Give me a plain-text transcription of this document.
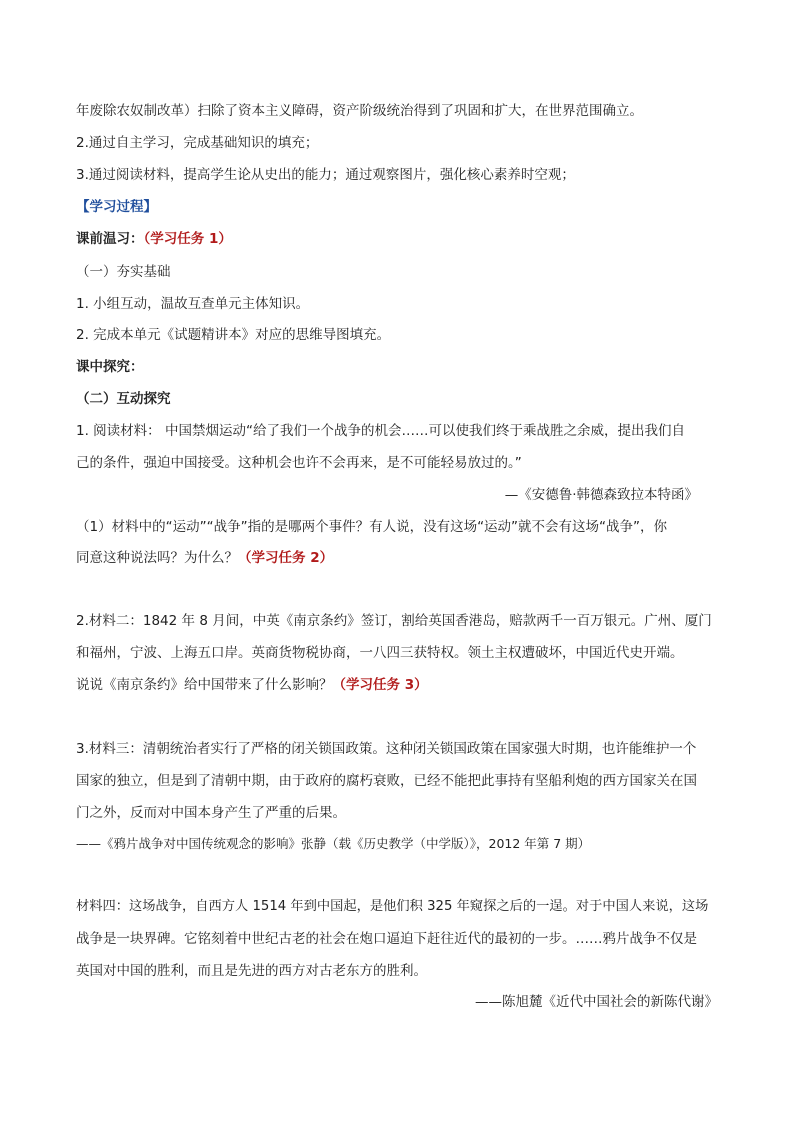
年废除农奴制改革）扫除了资本主义障碍，资产阶级统治得到了巩固和扩大，在世界范围确立。
2.通过自主学习，完成基础知识的填充；
3.通过阅读材料，提高学生论从史出的能力；通过观察图片，强化核心素养时空观；
【学习过程】
课前温习：（学习任务 1）
（一）夯实基础
1. 小组互动，温故互查单元主体知识。
2. 完成本单元《试题精讲本》对应的思维导图填充。
课中探究：
（二）互动探究
1. 阅读材料： 中国禁烟运动“给了我们一个战争的机会……可以使我们终于乘战胜之余威，提出我们自
己的条件，强迫中国接受。这种机会也许不会再来，是不可能轻易放过的。”
—《安德鲁·韩德森致拉本特函》
（1）材料中的“运动”“战争”指的是哪两个事件？有人说，没有这场“运动”就不会有这场“战争”，你
同意这种说法吗？为什么？（学习任务 2）
2.材料二：1842 年 8 月间，中英《南京条约》签订，割给英国香港岛，赔款两千一百万银元。广州、厦门
和福州，宁波、上海五口岸。英商货物税协商，一八四三获特权。领土主权遭破坏，中国近代史开端。
说说《南京条约》给中国带来了什么影响？（学习任务 3）
3.材料三：清朝统治者实行了严格的闭关锁国政策。这种闭关锁国政策在国家强大时期，也许能维护一个
国家的独立，但是到了清朝中期，由于政府的腐朽衰败，已经不能把此事持有坚船利炮的西方国家关在国
门之外，反而对中国本身产生了严重的后果。
——《鸦片战争对中国传统观念的影响》张静（载《历史教学（中学版）》，2012 年第 7 期）
材料四：这场战争，自西方人 1514 年到中国起，是他们积 325 年窥探之后的一逞。对于中国人来说，这场
战争是一块界碑。它铭刻着中世纪古老的社会在炮口逼迫下赶往近代的最初的一步。……鸦片战争不仅是
英国对中国的胜利，而且是先进的西方对古老东方的胜利。
——陈旭麓《近代中国社会的新陈代谢》
